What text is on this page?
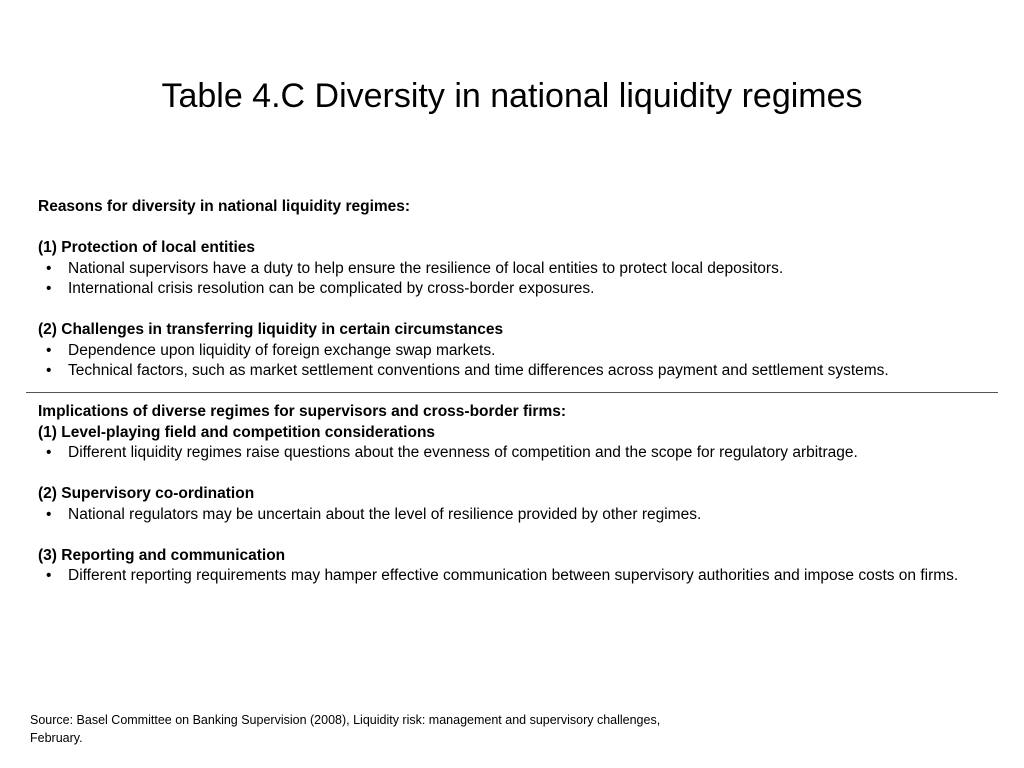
Table 4.C Diversity in national liquidity regimes
Reasons for diversity in national liquidity regimes:
(1) Protection of local entities
•	National supervisors have a duty to help ensure the resilience of local entities to protect local depositors.
•	International crisis resolution can be complicated by cross-border exposures.
(2) Challenges in transferring liquidity in certain circumstances
•	Dependence upon liquidity of foreign exchange swap markets.
•	Technical factors, such as market settlement conventions and time differences across payment and settlement systems.
Implications of diverse regimes for supervisors and cross-border firms:
(1) Level-playing field and competition considerations
•	Different liquidity regimes raise questions about the evenness of competition and the scope for regulatory arbitrage.
(2) Supervisory co-ordination
•	National regulators may be uncertain about the level of resilience provided by other regimes.
(3) Reporting and communication
•	Different reporting requirements may hamper effective communication between supervisory authorities and impose costs on firms.
Source: Basel Committee on Banking Supervision (2008), Liquidity risk: management and supervisory challenges, February.
